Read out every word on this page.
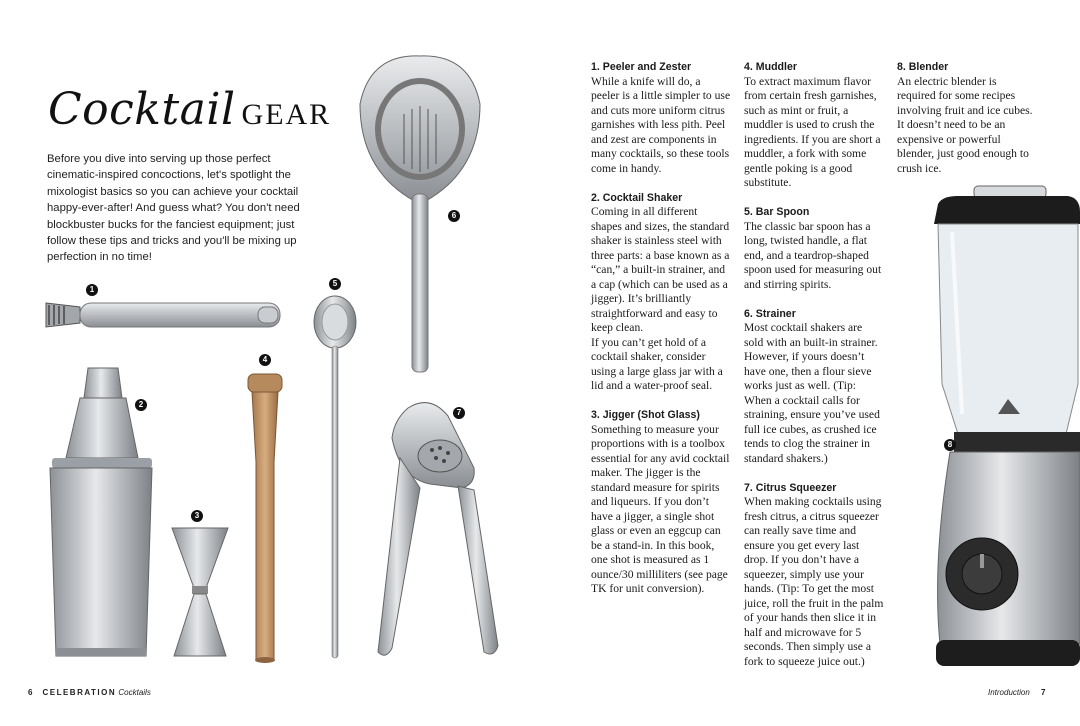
Cocktail GEAR
Before you dive into serving up those perfect cinematic-inspired concoctions, let's spotlight the mixologist basics so you can achieve your cocktail happy-ever-after! And guess what? You don't need blockbuster bucks for the fanciest equipment; just follow these tips and tricks and you'll be mixing up perfection in no time!
6
1
5
2
3
4
7
6 CELEBRATION Cocktails
1. Peeler and Zester

While a knife will do, a peeler is a little simpler to use and cuts more uniform citrus garnishes with less pith. Peel and zest are components in many cocktails, so these tools come in handy.

2. Cocktail Shaker

Coming in all different shapes and sizes, the standard shaker is stainless steel with three parts: a base known as a “can,” a built-in strainer, and a cap (which can be used as a jigger). It’s brilliantly straightforward and easy to keep clean.
If you can’t get hold of a cocktail shaker, consider using a large glass jar with a lid and a water-proof seal.

3. Jigger (Shot Glass)

Something to measure your proportions with is a toolbox essential for any avid cocktail maker. The jigger is the standard measure for spirits and liqueurs. If you don’t have a jigger, a single shot glass or even an eggcup can be a stand-in. In this book, one shot is measured as 1 ounce/30 milliliters (see page TK for unit conversion).

4. Muddler

To extract maximum flavor from certain fresh garnishes, such as mint or fruit, a muddler is used to crush the ingredients. If you are short a muddler, a fork with some gentle poking is a good substitute.

5. Bar Spoon

The classic bar spoon has a long, twisted handle, a flat end, and a teardrop-shaped spoon used for measuring out and stirring spirits.

6. Strainer

Most cocktail shakers are sold with an built-in strainer. However, if yours doesn’t have one, then a flour sieve works just as well. (Tip: When a cocktail calls for straining, ensure you’ve used full ice cubes, as crushed ice tends to clog the strainer in standard shakers.)

7. Citrus Squeezer

When making cocktails using fresh citrus, a citrus squeezer can really save time and ensure you get every last drop. If you don’t have a squeezer, simply use your hands. (Tip: To get the most juice, roll the fruit in the palm of your hands then slice it in half and microwave for 5 seconds. Then simply use a fork to squeeze juice out.)

8. Blender

An electric blender is required for some recipes involving fruit and ice cubes. It doesn’t need to be an expensive or powerful blender, just good enough to crush ice.

8
Introduction 7
